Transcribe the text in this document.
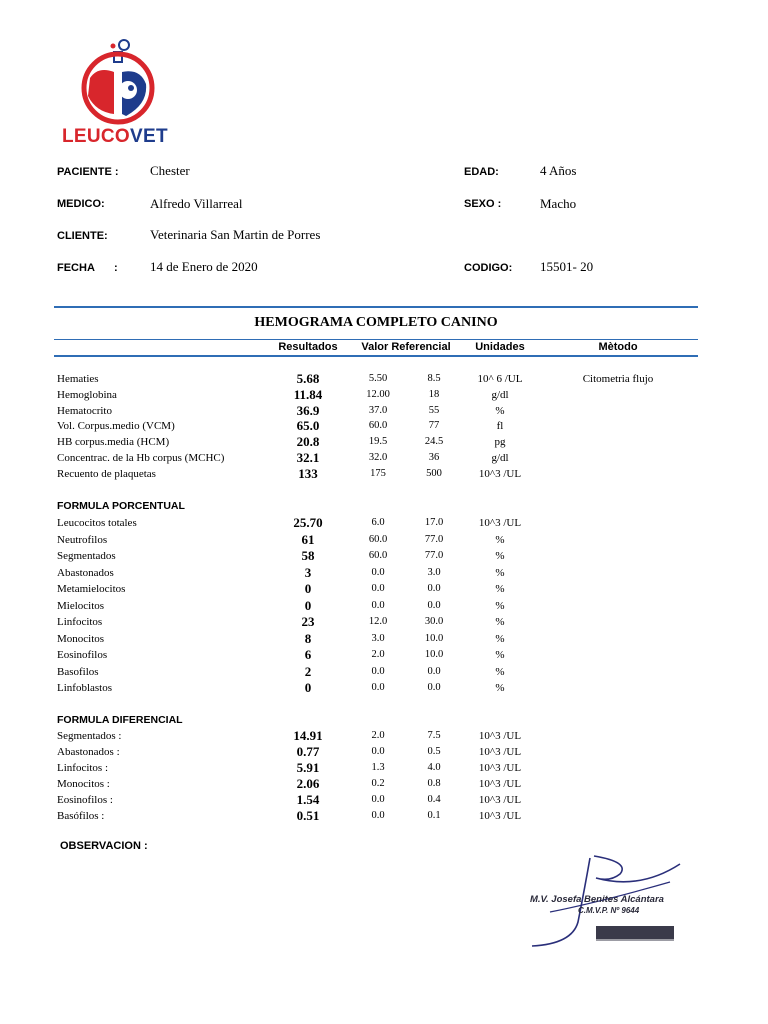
LEUCOVET
PACIENTE : Chester	EDAD:	4 Años
MEDICO:	Alfredo Villarreal	SEXO :	Macho
CLIENTE:	Veterinaria San Martin de Porres
FECHA : 14 de Enero de 2020	CODIGO: 15501- 20
HEMOGRAMA COMPLETO CANINO
Resultados	Valor Referencial	Unidades	Mètodo
Hematies	5.68	5.50	8.5	10^ 6 /UL	Citometria flujo
Hemoglobina	11.84	12.00	18	g/dl
Hematocrito	36.9	37.0	55	%
Vol. Corpus.medio (VCM)	65.0	60.0	77	fl
HB corpus.media (HCM)	20.8	19.5	24.5	pg
Concentrac. de la Hb corpus (MCHC)	32.1	32.0	36	g/dl
Recuento de plaquetas	133	175	500	10^3 /UL
FORMULA PORCENTUAL
Leucocitos totales	25.70	6.0	17.0	10^3 /UL
Neutrofilos	61	60.0	77.0	%
Segmentados	58	60.0	77.0	%
Abastonados	3	0.0	3.0	%
Metamielocitos	0	0.0	0.0	%
Mielocitos	0	0.0	0.0	%
Linfocitos	23	12.0	30.0	%
Monocitos	8	3.0	10.0	%
Eosinofilos	6	2.0	10.0	%
Basofilos	2	0.0	0.0	%
Linfoblastos	0	0.0	0.0	%
FORMULA DIFERENCIAL
Segmentados :	14.91	2.0	7.5	10^3 /UL
Abastonados :	0.77	0.0	0.5	10^3 /UL
Linfocitos :	5.91	1.3	4.0	10^3 /UL
Monocitos :	2.06	0.2	0.8	10^3 /UL
Eosinofilos :	1.54	0.0	0.4	10^3 /UL
Basófilos :	0.51	0.0	0.1	10^3 /UL
OBSERVACION :
M.V. Josefa Benites Alcántara
C.M.V.P. Nº 9644
LEUCOVET
